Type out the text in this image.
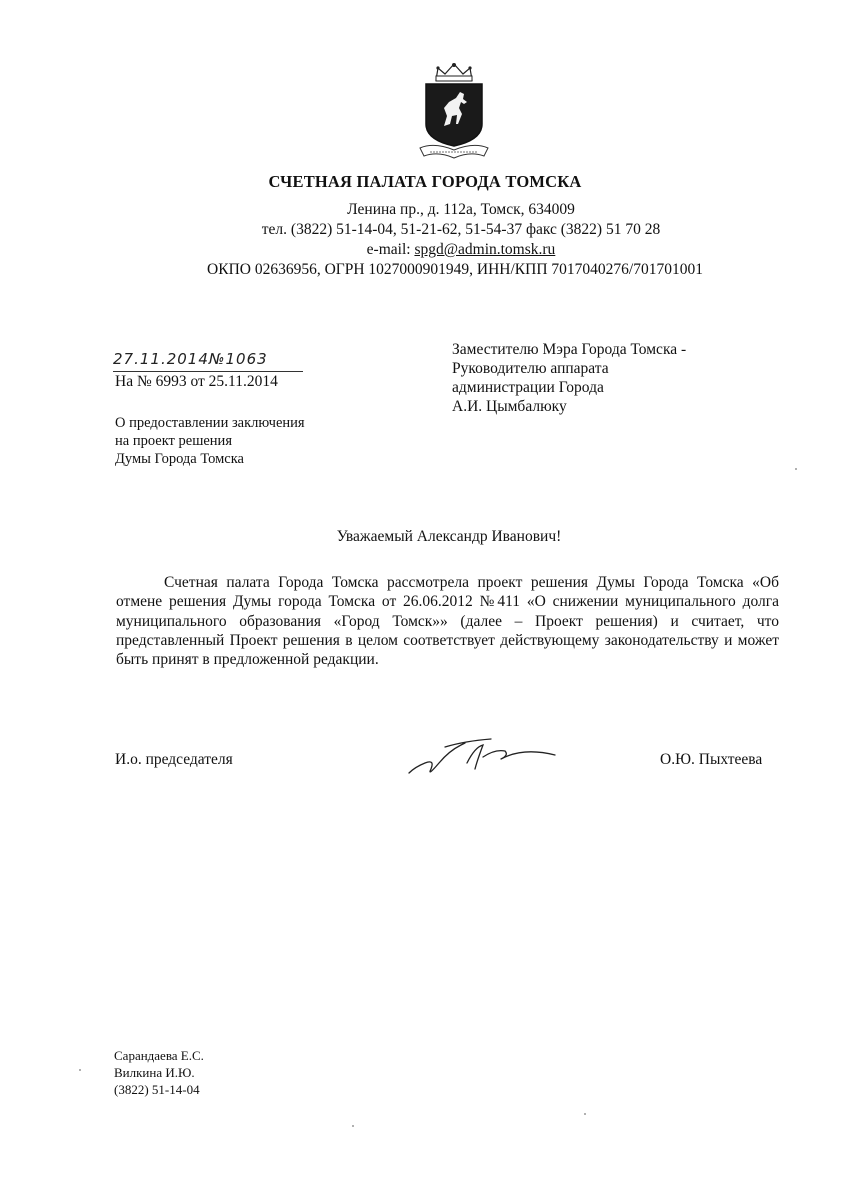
СЧЕТНАЯ ПАЛАТА ГОРОДА ТОМСКА
Ленина пр., д. 112а, Томск, 634009
тел. (3822) 51-14-04, 51-21-62, 51-54-37 факс (3822) 51 70 28
e-mail: spgd@admin.tomsk.ru
ОКПО 02636956, ОГРН 1027000901949, ИНН/КПП 7017040276/701701001
27.11.2014№1063
На № 6993 от 25.11.2014
О предоставлении заключения
на проект решения
Думы Города Томска
Заместителю Мэра Города Томска -
Руководителю аппарата
администрации Города
А.И. Цымбалюку
Уважаемый Александр Иванович!

Счетная палата Города Томска рассмотрела проект решения Думы Города Томска «Об отмене решения Думы города Томска от 26.06.2012 №411 «О снижении муниципального долга муниципального образования «Город Томск»» (далее – Проект решения) и считает, что представленный Проект решения в целом соответствует действующему законодательству и может быть принят в предложенной редакции.

И.о. председателя	О.Ю. Пыхтеева
Сарандаева Е.С.
Вилкина И.Ю.
(3822) 51-14-04
